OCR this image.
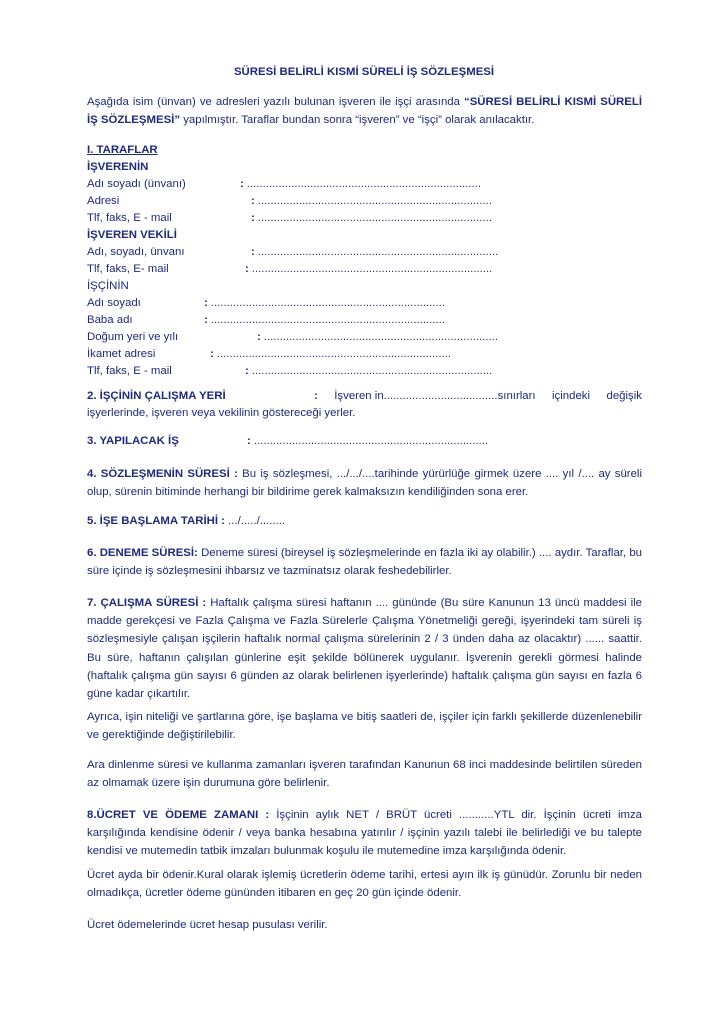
SÜRESİ BELİRLİ KISMİ SÜRELİ İŞ SÖZLEŞMESİ
Aşağıda isim (ünvan) ve adresleri yazılı bulunan işveren ile işçi arasında “SÜRESİ BELİRLİ KISMİ SÜRELİ İŞ SÖZLEŞMESİ” yapılmıştır. Taraflar bundan sonra “işveren” ve “işçi” olarak anılacaktır.
I. TARAFLAR
İŞVERENİN
Adı soyadı (ünvanı)	: ..........................................................................
Adresi	: ..........................................................................
Tlf, faks, E - mail	: ..........................................................................
İŞVEREN VEKİLİ
Adı, soyadı, ünvanı	: ............................................................................
Tlf, faks, E- mail	: ............................................................................
İŞÇİNİN
Adı soyadı	: ..........................................................................
Baba adı	: ..........................................................................
Doğum yeri ve yılı	: ..........................................................................
İkamet adresi	: ..........................................................................
Tlf, faks, E - mail	: ............................................................................
2. İŞÇİNİN ÇALIŞMA YERİ	: İşveren in....................................sınırları içindeki değişik
işyerlerinde, işveren veya vekilinin göstereceği yerler.
3. YAPILACAK İŞ	: ..........................................................................
4. SÖZLEŞMENİN SÜRESİ : Bu iş sözleşmesi, .../.../....tarihinde yürürlüğe girmek üzere .... yıl /.... ay süreli olup, sürenin bitiminde herhangi bir bildirime gerek kalmaksızın kendiliğinden sona erer.
5. İŞE BAŞLAMA TARİHİ : .../...../........
6. DENEME SÜRESİ: Deneme süresi (bireysel iş sözleşmelerinde en fazla iki ay olabilir.) .... aydır. Taraflar, bu süre içinde iş sözleşmesini ihbarsız ve tazminatsız olarak feshedebilirler.
7. ÇALIŞMA SÜRESİ : Haftalık çalışma süresi haftanın .... gününde (Bu süre Kanunun 13 üncü maddesi ile madde gerekçesi ve Fazla Çalışma ve Fazla Sürelerle Çalışma Yönetmeliği gereği, işyerindeki tam süreli iş sözleşmesiyle çalışan işçilerin haftalık normal çalışma sürelerinin 2 / 3 ünden daha az olacaktır) ...... saattir. Bu süre, haftanın çalışılan günlerine eşit şekilde bölünerek uygulanır. İşverenin gerekli görmesi halinde (haftalık çalışma gün sayısı 6 günden az olarak belirlenen işyerlerinde) haftalık çalışma gün sayısı en fazla 6 güne kadar çıkartılır.
Ayrıca, işin niteliği ve şartlarına göre, işe başlama ve bitiş saatleri de, işçiler için farklı şekillerde düzenlenebilir ve gerektiğinde değiştirilebilir.
Ara dinlenme süresi ve kullanma zamanları işveren tarafından Kanunun 68 inci maddesinde belirtilen süreden az olmamak üzere işin durumuna göre belirlenir.
8.ÜCRET VE ÖDEME ZAMANI : İşçinin aylık NET / BRÜT ücreti ...........YTL dir. İşçinin ücreti imza karşılığında kendisine ödenir / veya banka hesabına yatırılır / işçinin yazılı talebi ile belirlediği ve bu talepte kendisi ve mutemedin tatbik imzaları bulunmak koşulu ile mutemedine imza karşılığında ödenir.
Ücret ayda bir ödenir.Kural olarak işlemiş ücretlerin ödeme tarihi, ertesi ayın ilk iş günüdür. Zorunlu bir neden olmadıkça, ücretler ödeme gününden itibaren en geç 20 gün içinde ödenir.
Ücret ödemelerinde ücret hesap pusulası verilir.
